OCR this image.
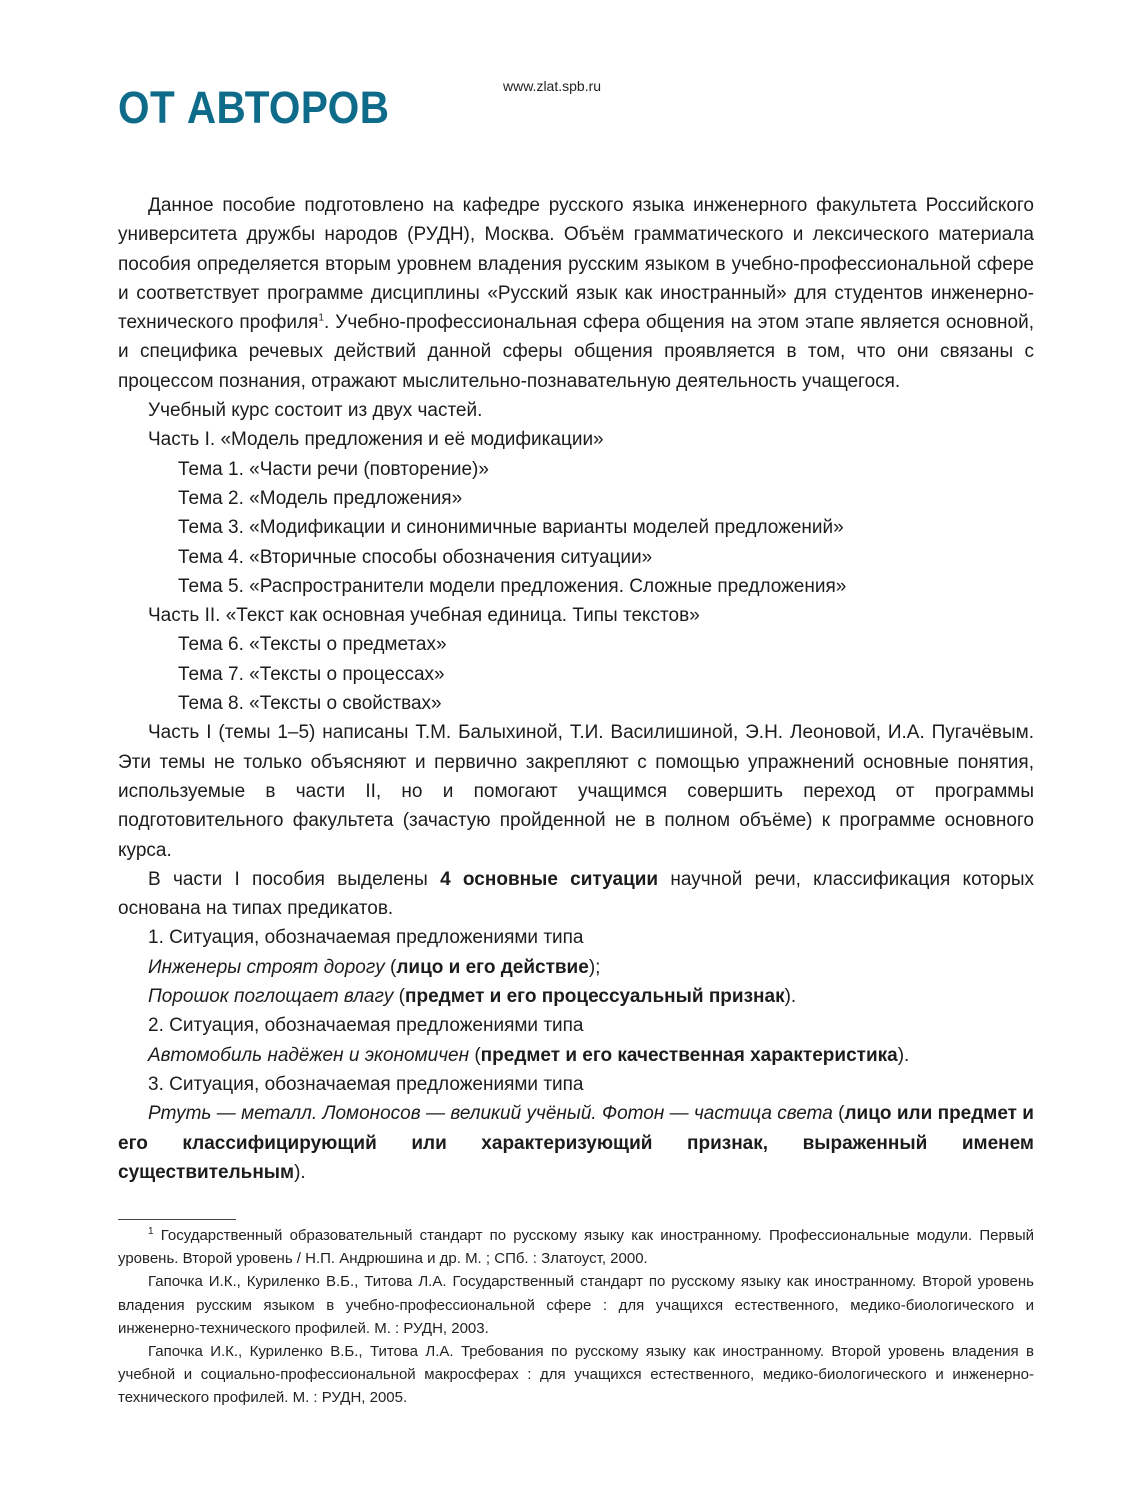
www.zlat.spb.ru
ОТ АВТОРОВ

Данное пособие подготовлено на кафедре русского языка инженерного факультета Российского университета дружбы народов (РУДН), Москва. Объём грамматического и лексического материала пособия определяется вторым уровнем владения русским языком в учебно-профессиональной сфере и соответствует программе дисциплины «Русский язык как иностранный» для студентов инженерно-технического профиля$^1$. Учебно-профессиональная сфера общения на этом этапе является основной, и специфика речевых действий данной сферы общения проявляется в том, что они связаны с процессом познания, отражают мыслительно-познавательную деятельность учащегося.

Учебный курс состоит из двух частей.

Часть I. «Модель предложения и её модификации»
Тема 1. «Части речи (повторение)»
Тема 2. «Модель предложения»
Тема 3. «Модификации и синонимичные варианты моделей предложений»
Тема 4. «Вторичные способы обозначения ситуации»
Тема 5. «Распространители модели предложения. Сложные предложения»
Часть II. «Текст как основная учебная единица. Типы текстов»
Тема 6. «Тексты о предметах»
Тема 7. «Тексты о процессах»
Тема 8. «Тексты о свойствах»

Часть I (темы 1–5) написаны Т.М. Балыхиной, Т.И. Василишиной, Э.Н. Леоновой, И.А. Пугачёвым. Эти темы не только объясняют и первично закрепляют с помощью упражнений основные понятия, используемые в части II, но и помогают учащимся совершить переход от программы подготовительного факультета (зачастую пройденной не в полном объёме) к программе основного курса.

В части I пособия выделены 4 основные ситуации научной речи, классификация которых основана на типах предикатов.

1. Ситуация, обозначаемая предложениями типа
Инженеры строят дорогу (лицо и его действие);
Порошок поглощает влагу (предмет и его процессуальный признак).
2. Ситуация, обозначаемая предложениями типа
Автомобиль надёжен и экономичен (предмет и его качественная характеристика).
3. Ситуация, обозначаемая предложениями типа

Ртуть — металл. Ломоносов — великий учёный. Фотон — частица света (лицо или предмет и его классифицирующий или характеризующий признак, выраженный именем существительным).

$^1$ Государственный образовательный стандарт по русскому языку как иностранному. Профессиональные модули. Первый уровень. Второй уровень / Н.П. Андрюшина и др. М. ; СПб. : Златоуст, 2000.

Гапочка И.К., Куриленко В.Б., Титова Л.А. Государственный стандарт по русскому языку как иностранному. Второй уровень владения русским языком в учебно-профессиональной сфере : для учащихся естественного, медико-биологического и инженерно-технического профилей. М. : РУДН, 2003.

Гапочка И.К., Куриленко В.Б., Титова Л.А. Требования по русскому языку как иностранному. Второй уровень владения в учебной и социально-профессиональной макросферах : для учащихся естественного, медико-биологического и инженерно-технического профилей. М. : РУДН, 2005.
